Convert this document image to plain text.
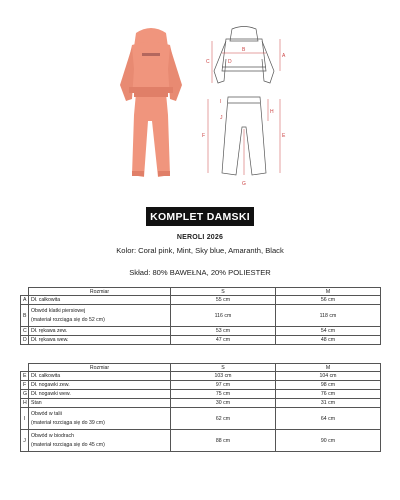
A
B
C	D
E
F
G
H
I
J
KOMPLET DAMSKI
NEROLI 2026
Kolor: Coral pink, Mint, Sky blue, Amaranth, Black
Skład: 80% BAWEŁNA, 20% POLIESTER
	Rozmiar	S	M
A	Dł. całkowita	55 cm	56 cm
B	Obwód klatki piersiowej
(materiał rozciąga się do 52 cm)	116 cm	118 cm
C	Dł. rękawa zew.	53 cm	54 cm
D	Dł. rękawa wew.	47 cm	48 cm
	Rozmiar	S	M
E	Dł. całkowita	103 cm	104 cm
F	Dł. nogawki zew.	97 cm	98 cm
G	Dł. nogawki wew.	75 cm	76 cm
H	Stan	30 cm	31 cm
I	Obwód w talii
(materiał rozciąga się do 39 cm)	62 cm	64 cm
J	Obwód w biodrach
(materiał rozciąga się do 45 cm)	88 cm	90 cm
